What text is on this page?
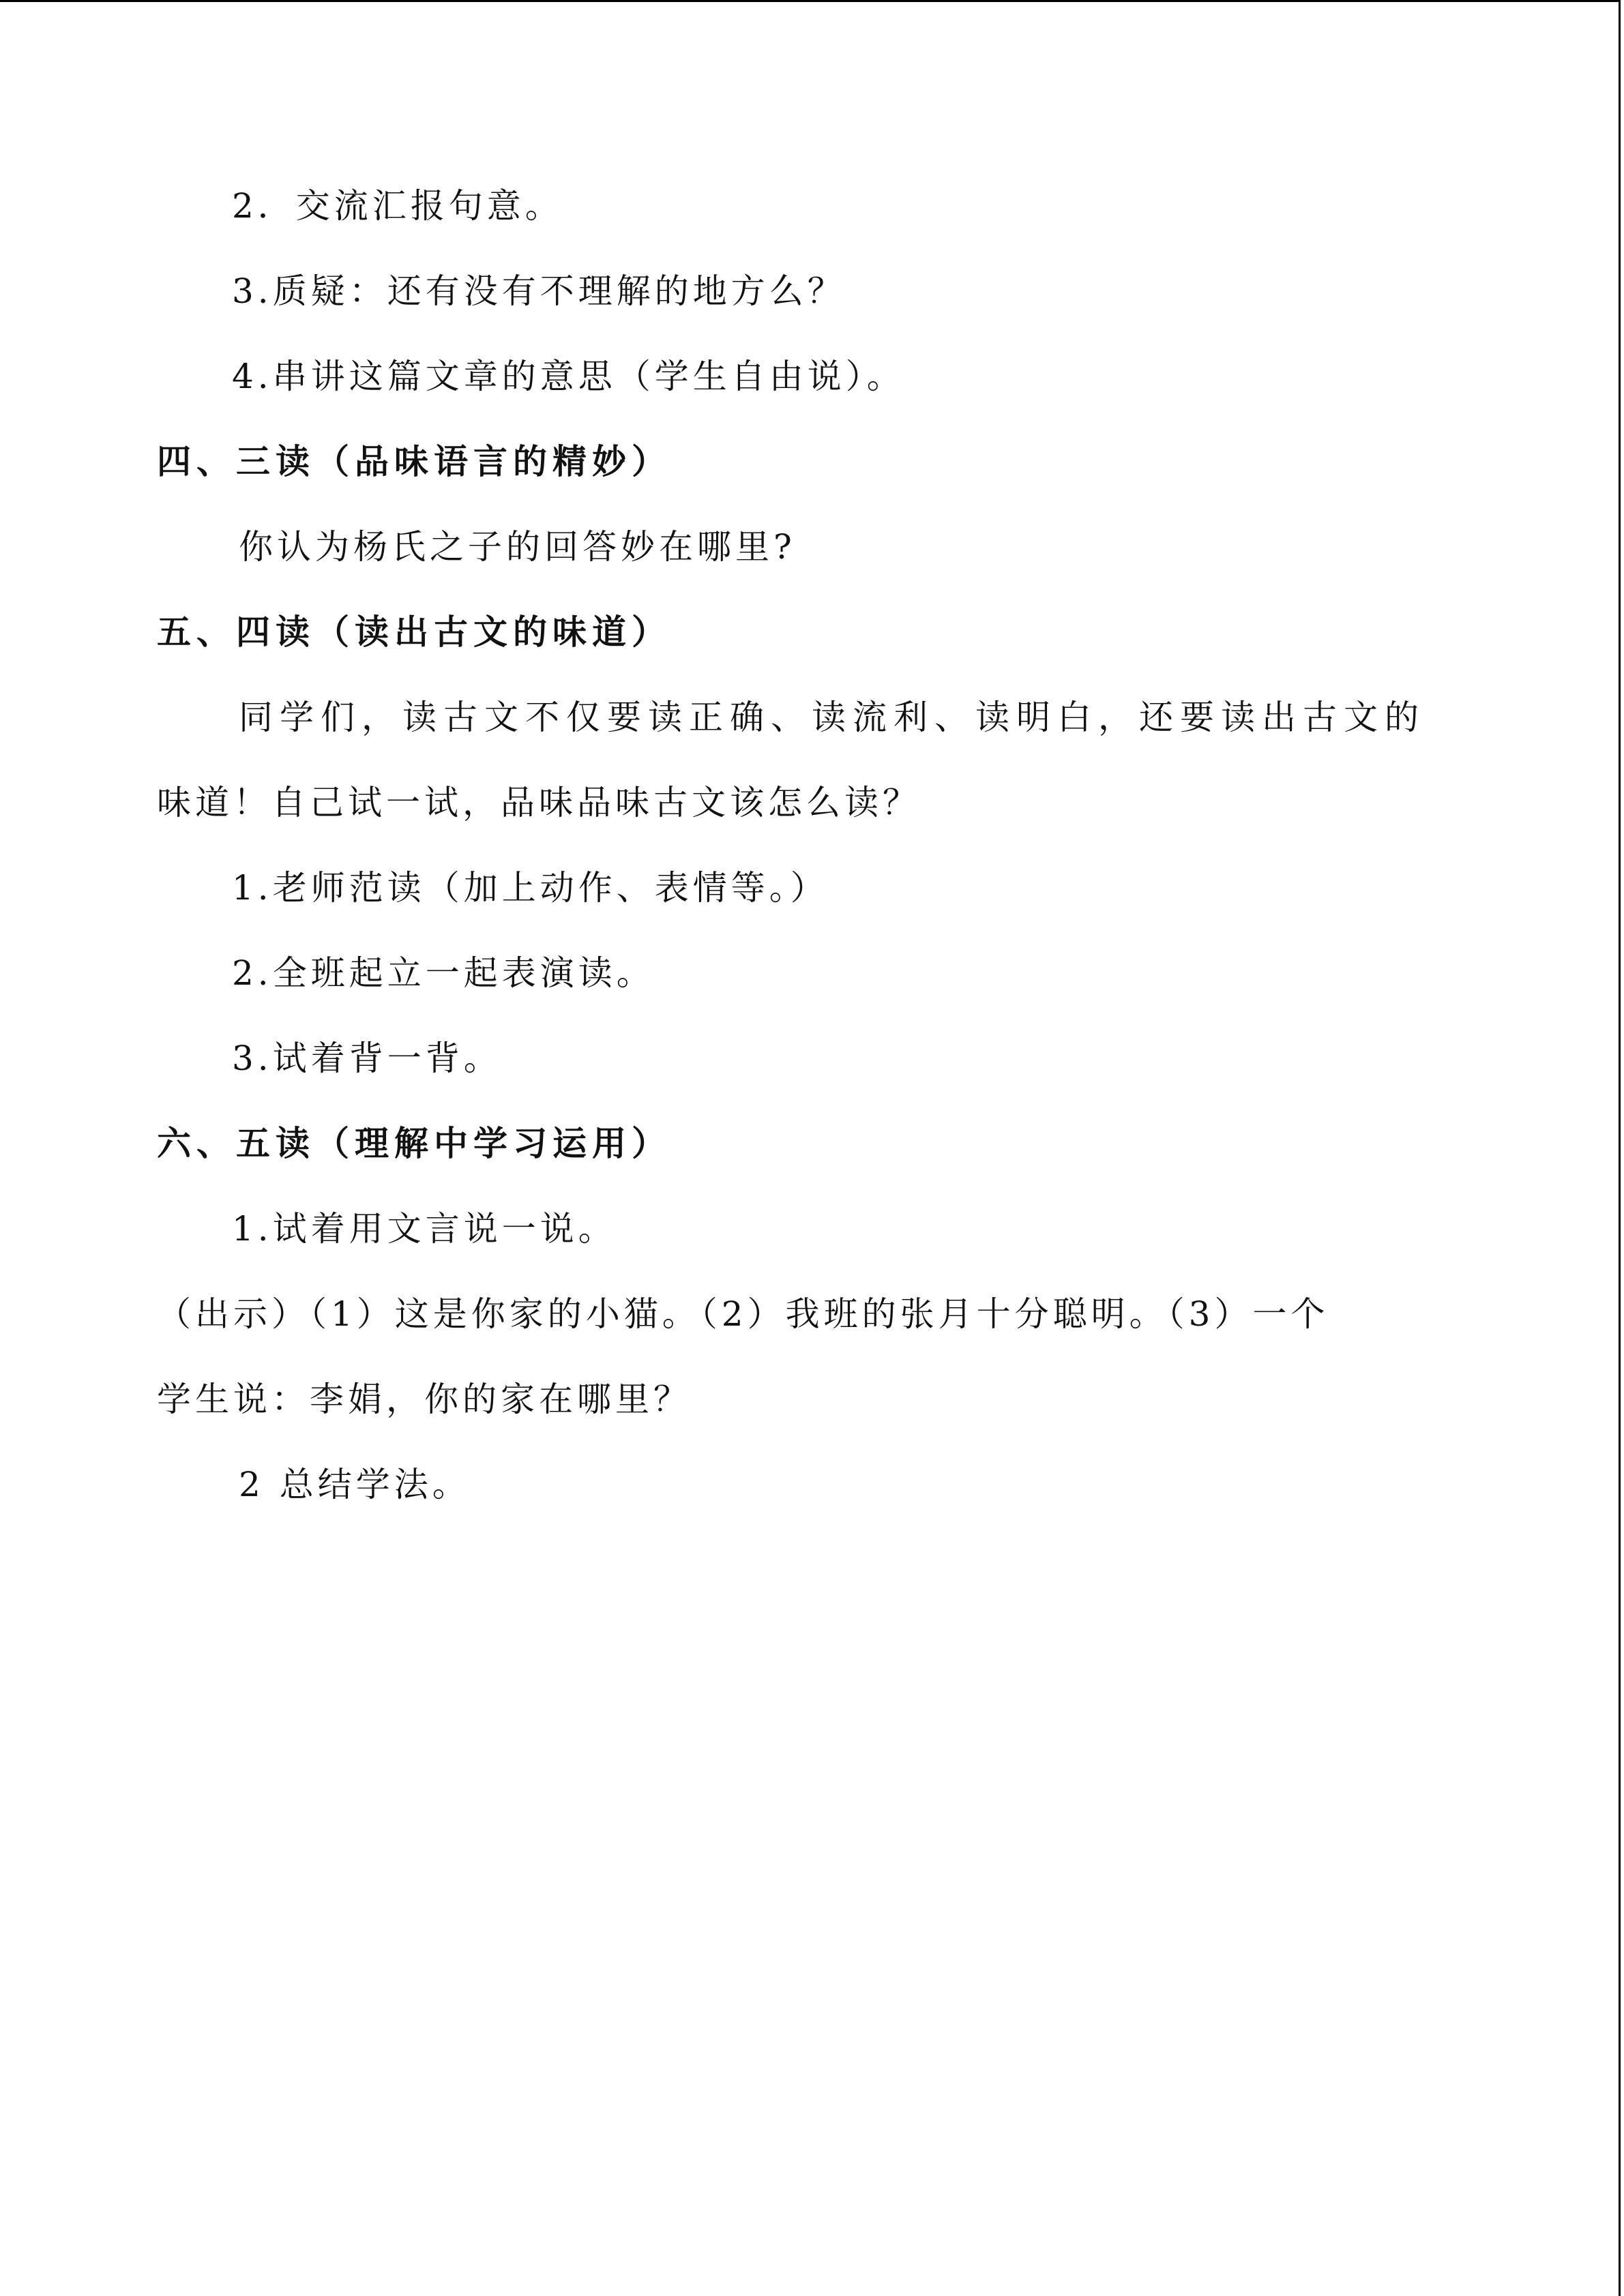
2．交流汇报句意。
3.质疑：还有没有不理解的地方么？
4.串讲这篇文章的意思（学生自由说）。
四、三读（品味语言的精妙）
你认为杨氏之子的回答妙在哪里?
五、四读（读出古文的味道）
同学们，读古文不仅要读正确、读流利、读明白，还要读出古文的
味道！自己试一试，品味品味古文该怎么读？
1.老师范读（加上动作、表情等。）
2.全班起立一起表演读。
3.试着背一背。
六、五读（理解中学习运用）
1.试着用文言说一说。
（出示）（1）这是你家的小猫。（2）我班的张月十分聪明。（3）一个
学生说：李娟，你的家在哪里？
2 总结学法。
